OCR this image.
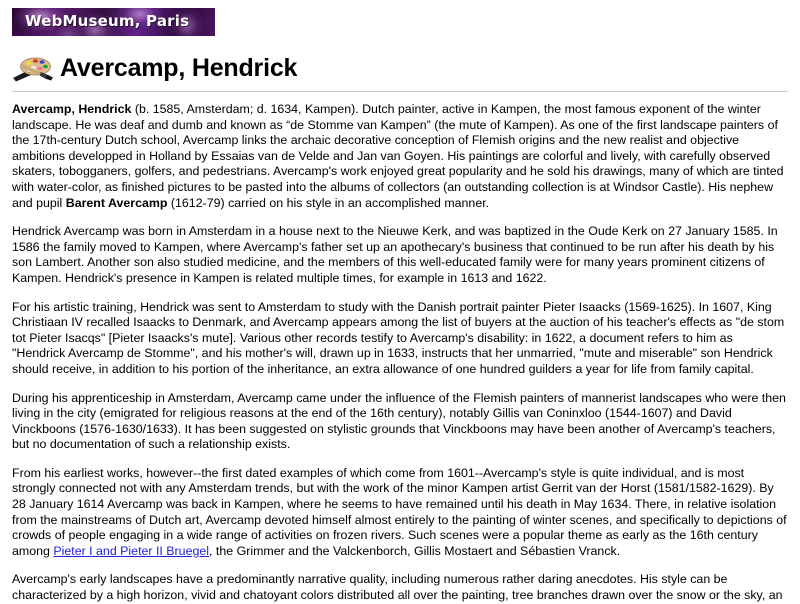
WebMuseum, Paris
Avercamp, Hendrick

Avercamp, Hendrick (b. 1585, Amsterdam; d. 1634, Kampen). Dutch painter, active in Kampen, the most famous exponent of the winter landscape. He was deaf and dumb and known as “de Stomme van Kampen” (the mute of Kampen). As one of the first landscape painters of the 17th-century Dutch school, Avercamp links the archaic decorative conception of Flemish origins and the new realist and objective ambitions developped in Holland by Essaias van de Velde and Jan van Goyen. His paintings are colorful and lively, with carefully observed skaters, tobogganers, golfers, and pedestrians. Avercamp's work enjoyed great popularity and he sold his drawings, many of which are tinted with water-color, as finished pictures to be pasted into the albums of collectors (an outstanding collection is at Windsor Castle). His nephew and pupil Barent Avercamp (1612-79) carried on his style in an accomplished manner.

Hendrick Avercamp was born in Amsterdam in a house next to the Nieuwe Kerk, and was baptized in the Oude Kerk on 27 January 1585. In 1586 the family moved to Kampen, where Avercamp's father set up an apothecary's business that continued to be run after his death by his son Lambert. Another son also studied medicine, and the members of this well-educated family were for many years prominent citizens of Kampen. Hendrick's presence in Kampen is related multiple times, for example in 1613 and 1622.

For his artistic training, Hendrick was sent to Amsterdam to study with the Danish portrait painter Pieter Isaacks (1569-1625). In 1607, King Christiaan IV recalled Isaacks to Denmark, and Avercamp appears among the list of buyers at the auction of his teacher's effects as "de stom tot Pieter Isacqs" [Pieter Isaacks's mute]. Various other records testify to Avercamp's disability: in 1622, a document refers to him as "Hendrick Avercamp de Stomme", and his mother's will, drawn up in 1633, instructs that her unmarried, "mute and miserable" son Hendrick should receive, in addition to his portion of the inheritance, an extra allowance of one hundred guilders a year for life from family capital.

During his apprenticeship in Amsterdam, Avercamp came under the influence of the Flemish painters of mannerist landscapes who were then living in the city (emigrated for religious reasons at the end of the 16th century), notably Gillis van Coninxloo (1544-1607) and David Vinckboons (1576-1630/1633). It has been suggested on stylistic grounds that Vinckboons may have been another of Avercamp's teachers, but no documentation of such a relationship exists.

From his earliest works, however--the first dated examples of which come from 1601--Avercamp's style is quite individual, and is most strongly connected not with any Amsterdam trends, but with the work of the minor Kampen artist Gerrit van der Horst (1581/1582-1629). By 28 January 1614 Avercamp was back in Kampen, where he seems to have remained until his death in May 1634. There, in relative isolation from the mainstreams of Dutch art, Avercamp devoted himself almost entirely to the painting of winter scenes, and specifically to depictions of crowds of people engaging in a wide range of activities on frozen rivers. Such scenes were a popular theme as early as the 16th century among Pieter I and Pieter II Bruegel, the Grimmer and the Valckenborch, Gillis Mostaert and Sébastien Vranck.

Avercamp's early landscapes have a predominantly narrative quality, including numerous rather daring anecdotes. His style can be characterized by a high horizon, vivid and chatoyant colors distributed all over the painting, tree branches drawn over the snow or the sky, an
